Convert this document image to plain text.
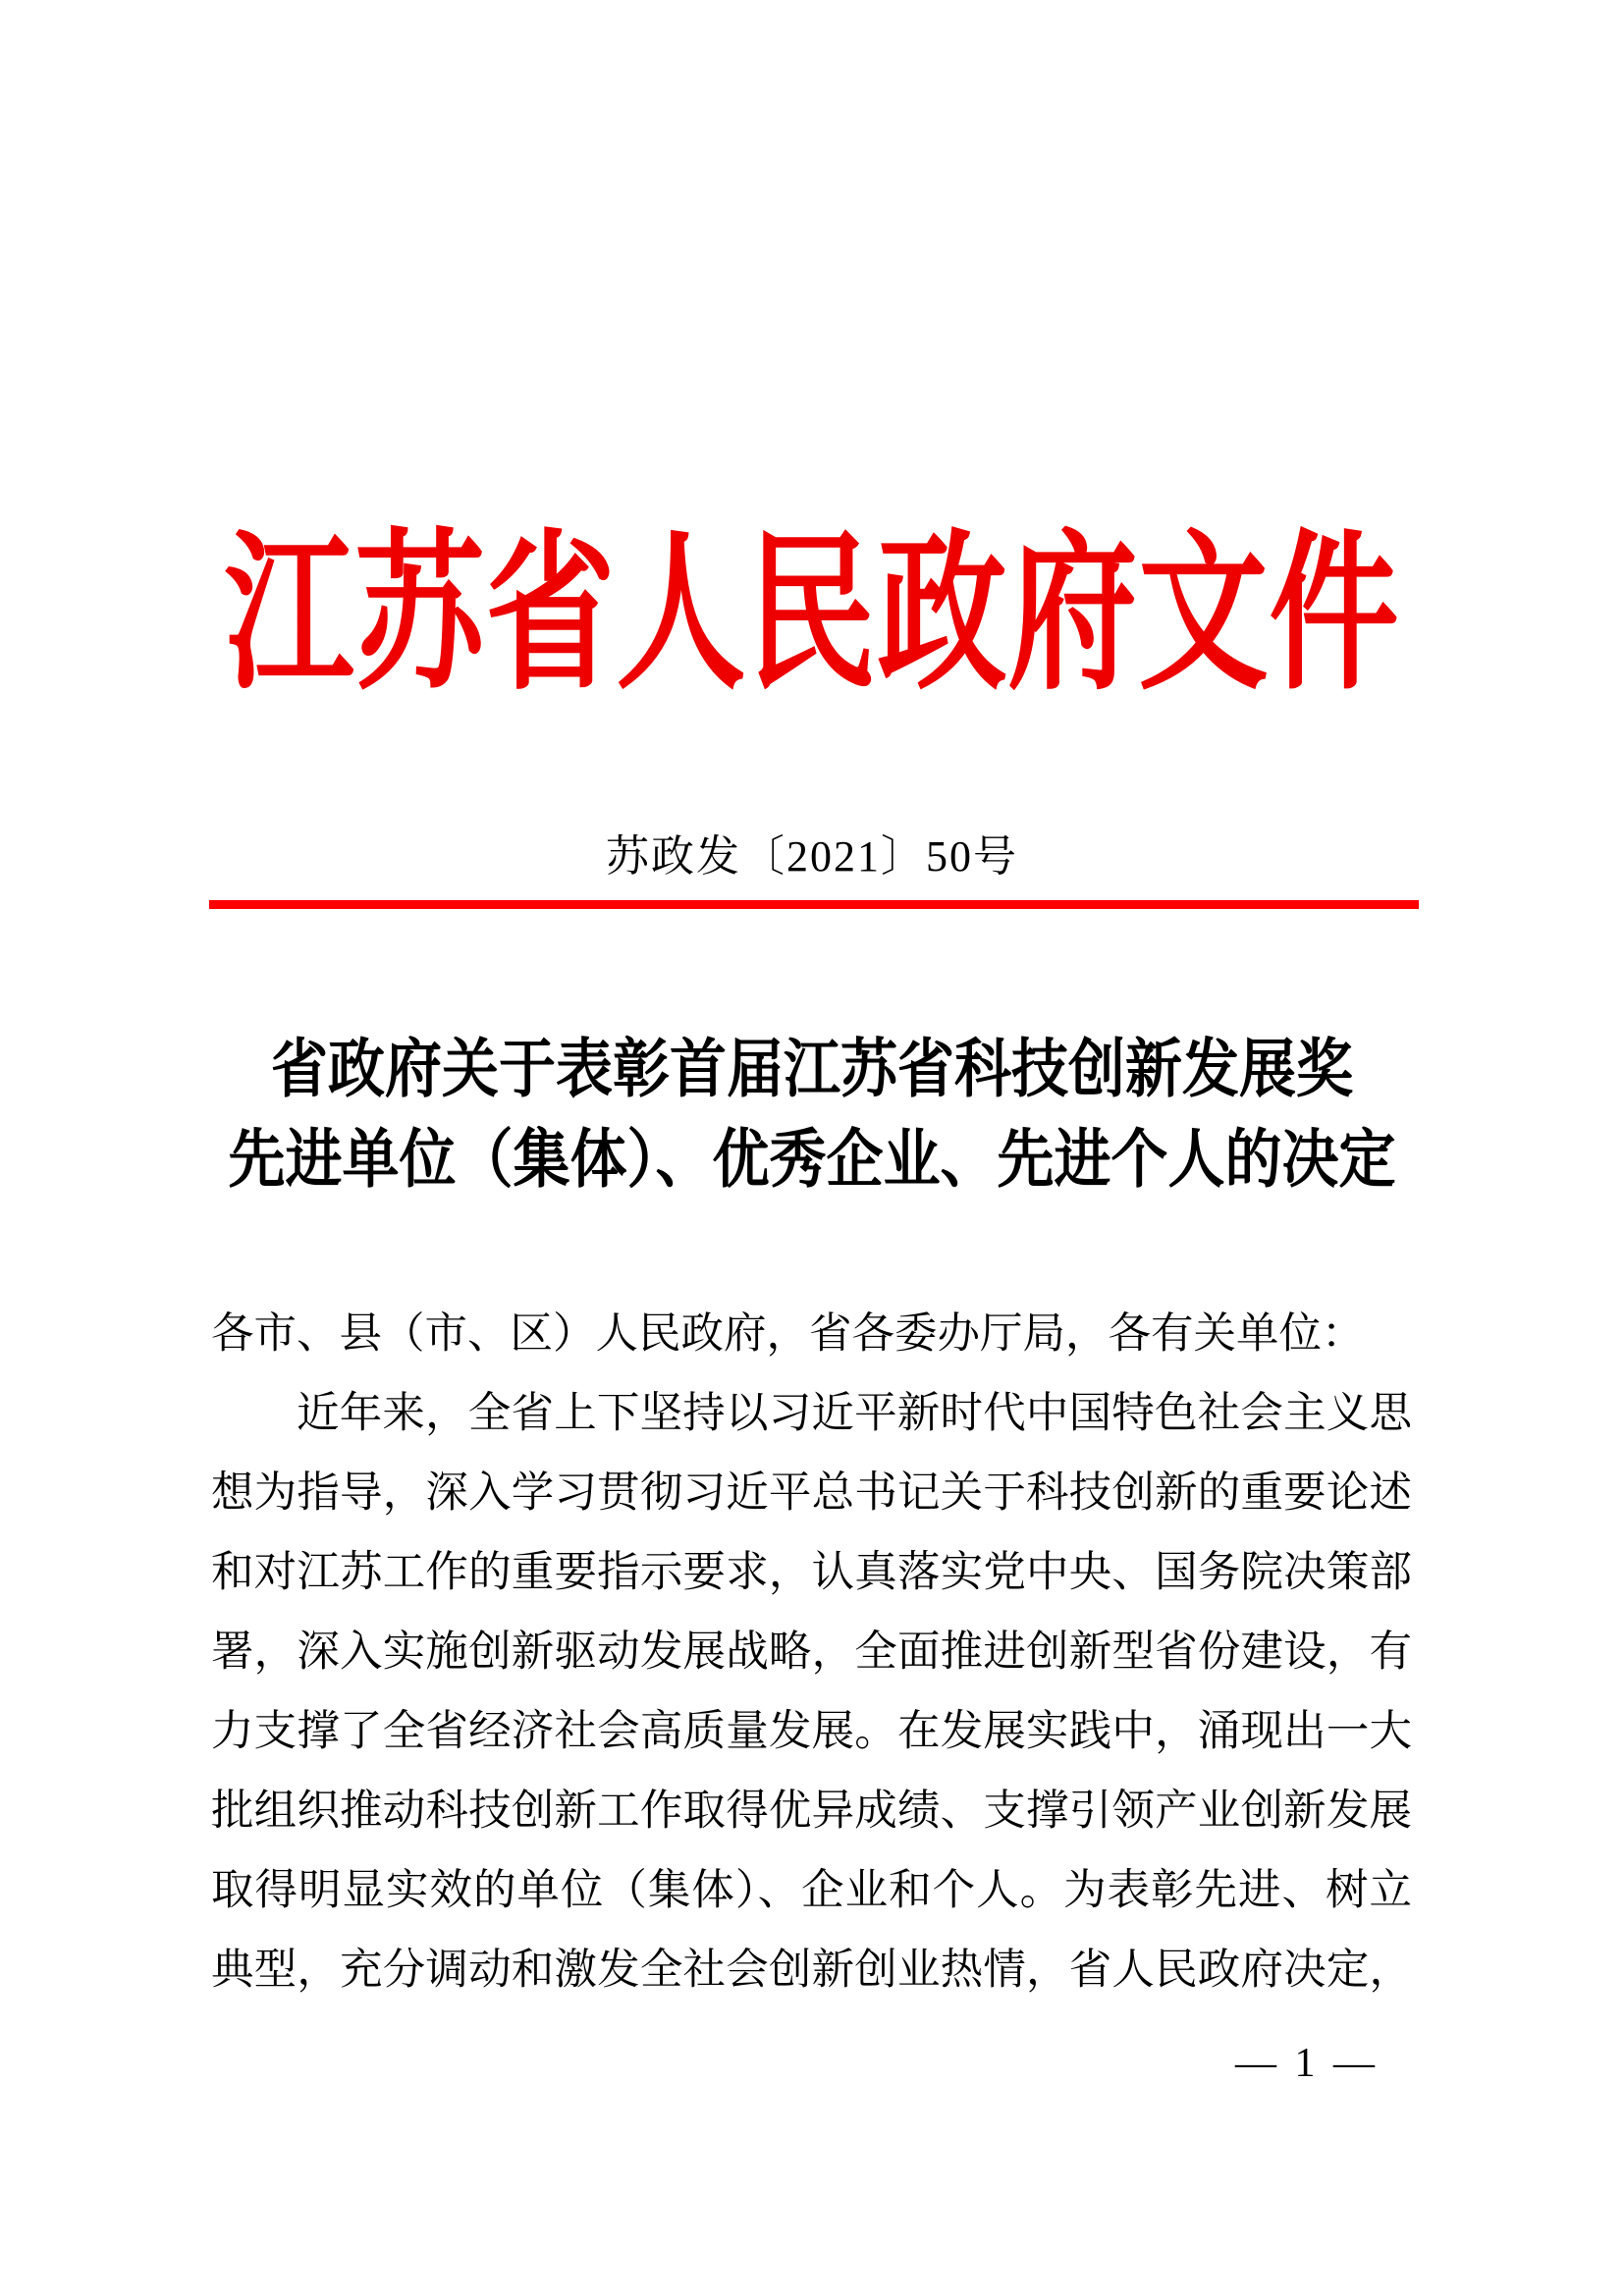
江苏省人民政府文件
苏政发〔2021〕50号
省政府关于表彰首届江苏省科技创新发展奖
先进单位（集体）、优秀企业、先进个人的决定
各市、县（市、区）人民政府，省各委办厅局，各有关单位：
近年来，全省上下坚持以习近平新时代中国特色社会主义思
想为指导，深入学习贯彻习近平总书记关于科技创新的重要论述
和对江苏工作的重要指示要求，认真落实党中央、国务院决策部
署，深入实施创新驱动发展战略，全面推进创新型省份建设，有
力支撑了全省经济社会高质量发展。在发展实践中，涌现出一大
批组织推动科技创新工作取得优异成绩、支撑引领产业创新发展
取得明显实效的单位（集体）、企业和个人。为表彰先进、树立
典型，充分调动和激发全社会创新创业热情，省人民政府决定，
— 1 —
